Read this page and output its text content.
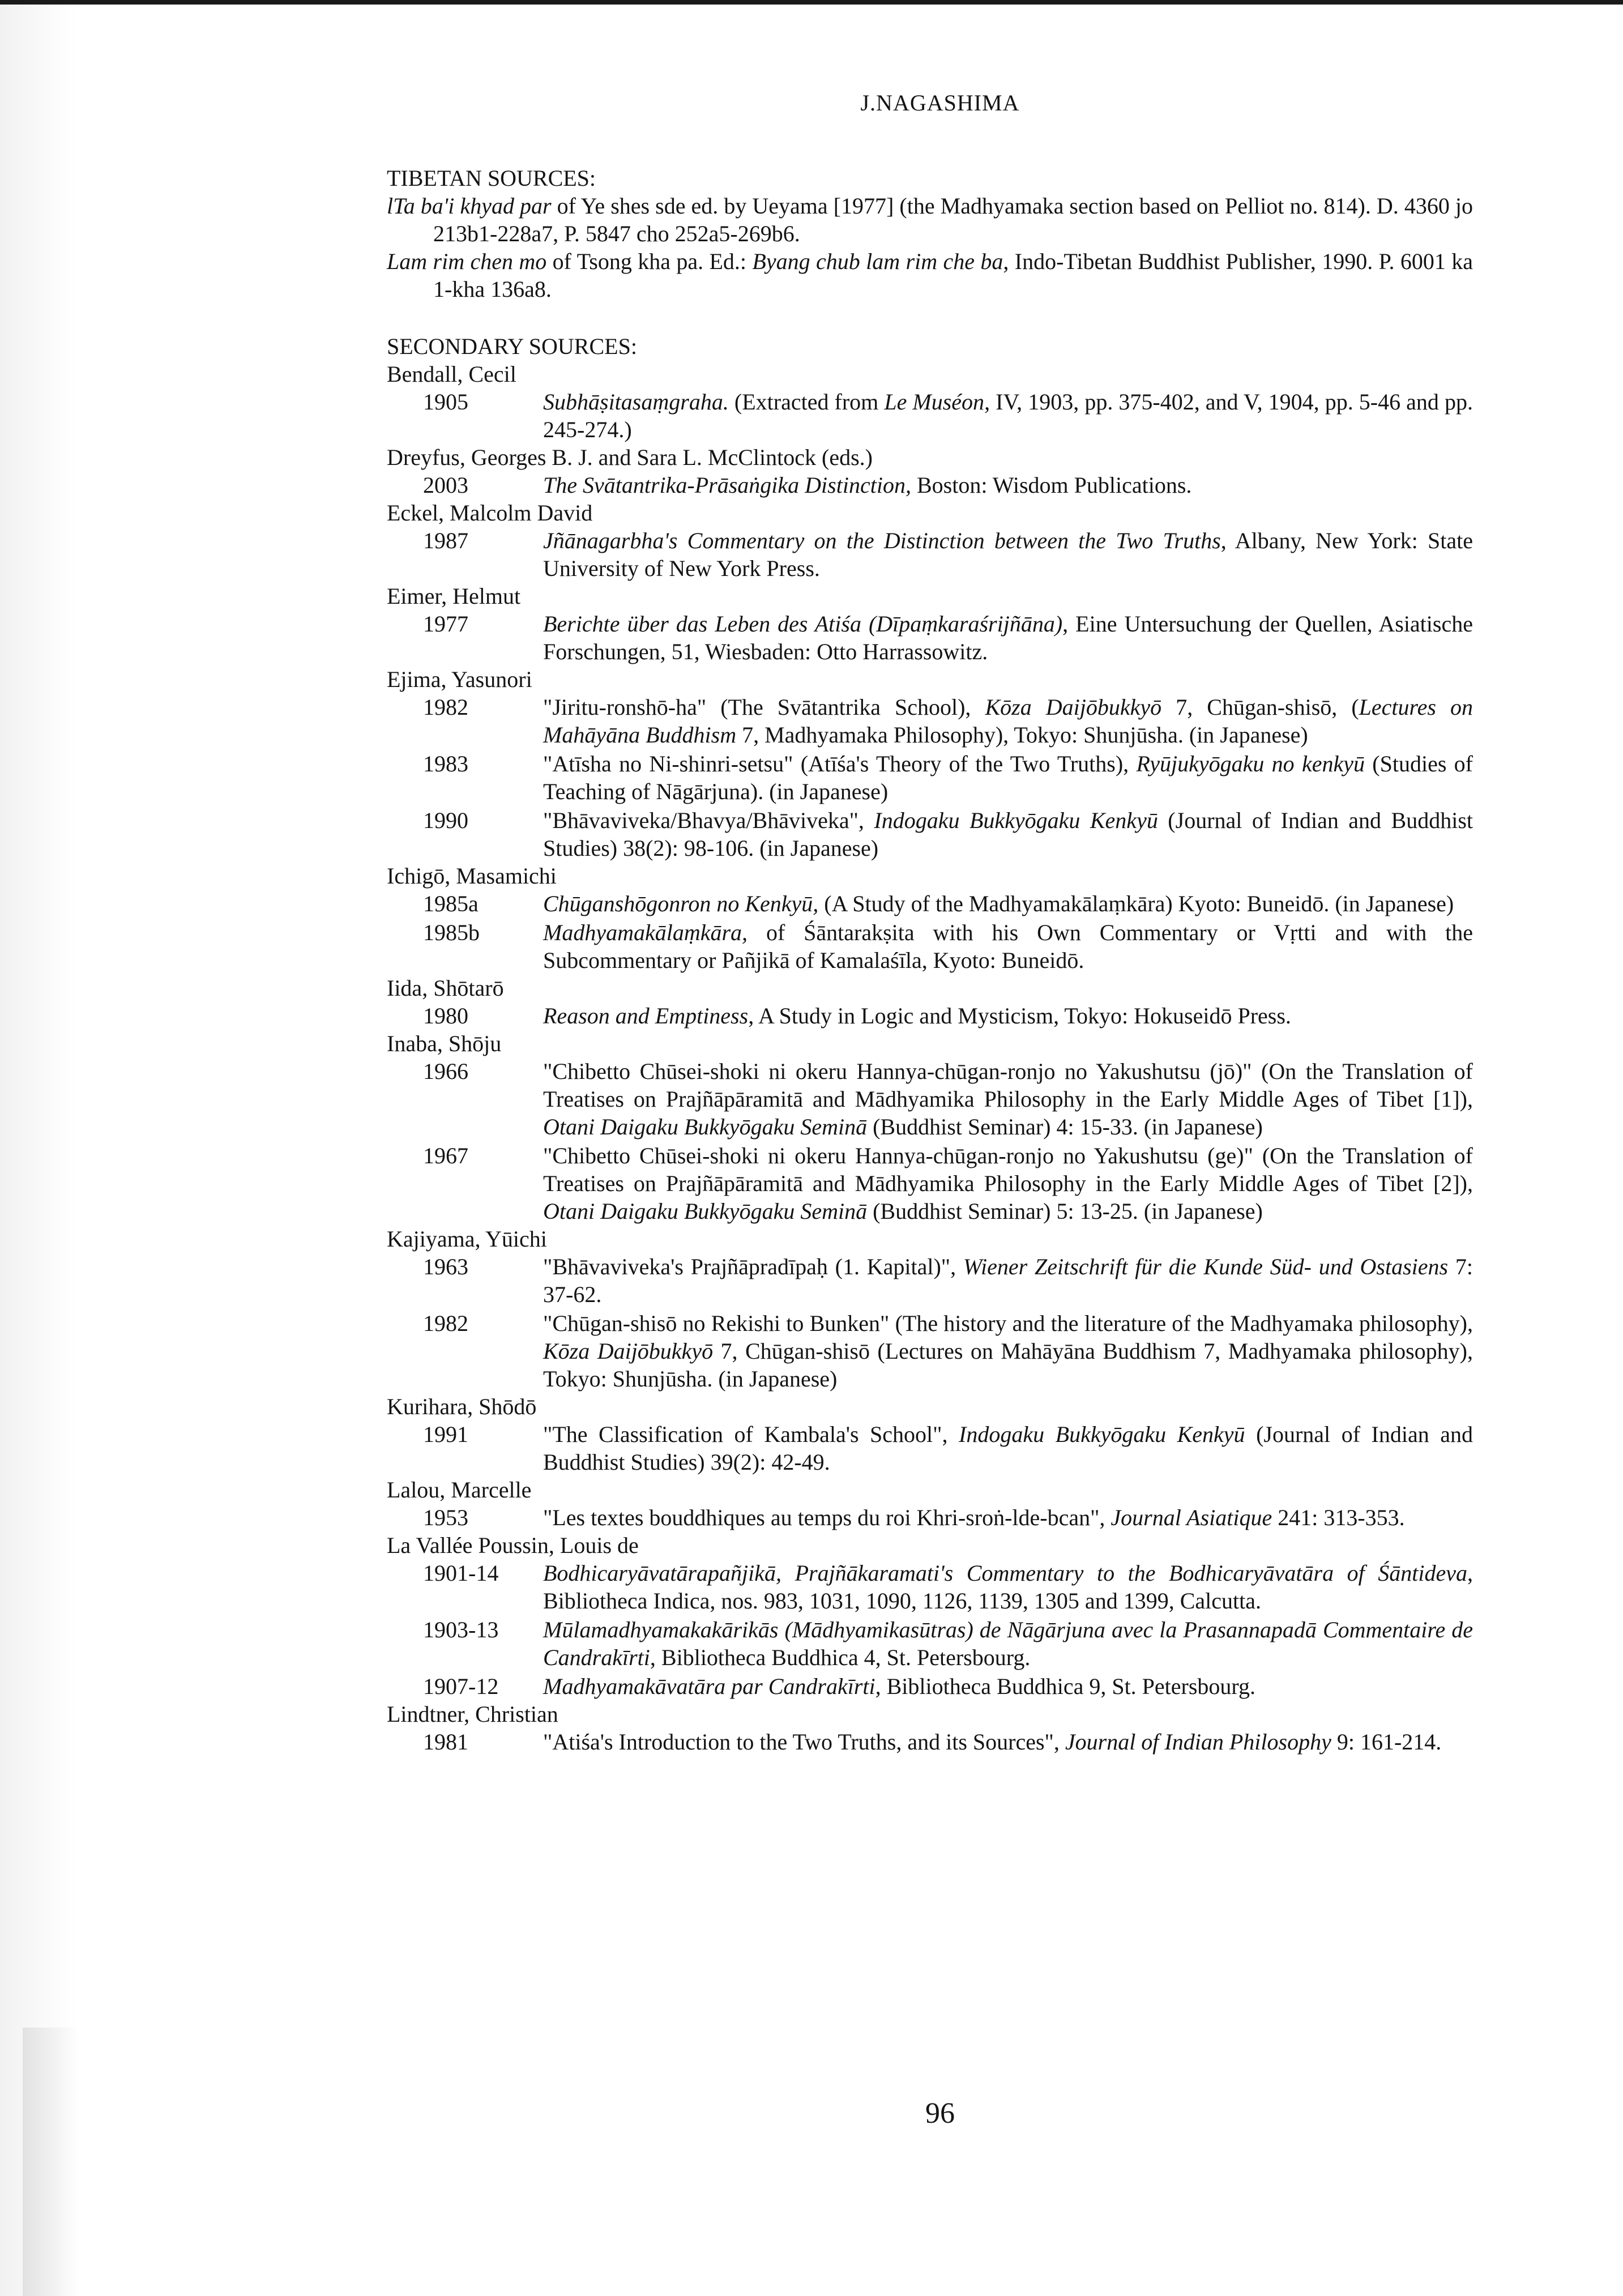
J.NAGASHIMA
TIBETAN SOURCES:
lTa ba'i khyad par of Ye shes sde ed. by Ueyama [1977] (the Madhyamaka section based on Pelliot no. 814). D. 4360 jo 213b1-228a7, P. 5847 cho 252a5-269b6.
Lam rim chen mo of Tsong kha pa. Ed.: Byang chub lam rim che ba, Indo-Tibetan Buddhist Publisher, 1990. P. 6001 ka 1-kha 136a8.
SECONDARY SOURCES:
Bendall, Cecil
1905	Subhāṣitasaṃgraha. (Extracted from Le Muséon, IV, 1903, pp. 375-402, and V, 1904, pp. 5-46 and pp. 245-274.)
Dreyfus, Georges B. J. and Sara L. McClintock (eds.)
2003	The Svātantrika-Prāsaṅgika Distinction, Boston: Wisdom Publications.
Eckel, Malcolm David
1987	Jñānagarbha's Commentary on the Distinction between the Two Truths, Albany, New York: State University of New York Press.
Eimer, Helmut
1977	Berichte über das Leben des Atiśa (Dīpaṃkaraśrijñāna), Eine Untersuchung der Quellen, Asiatische Forschungen, 51, Wiesbaden: Otto Harrassowitz.
Ejima, Yasunori
1982	"Jiritu-ronshō-ha" (The Svātantrika School), Kōza Daijōbukkyō 7, Chūgan-shisō, (Lectures on Mahāyāna Buddhism 7, Madhyamaka Philosophy), Tokyo: Shunjūsha. (in Japanese)
1983	"Atīsha no Ni-shinri-setsu" (Atīśa's Theory of the Two Truths), Ryūjukyōgaku no kenkyū (Studies of Teaching of Nāgārjuna). (in Japanese)
1990	"Bhāvaviveka/Bhavya/Bhāviveka", Indogaku Bukkyōgaku Kenkyū (Journal of Indian and Buddhist Studies) 38(2): 98-106. (in Japanese)
Ichigō, Masamichi
1985a	Chūganshōgonron no Kenkyū, (A Study of the Madhyamakālaṃkāra) Kyoto: Buneidō. (in Japanese)
1985b	Madhyamakālaṃkāra, of Śāntarakṣita with his Own Commentary or Vṛtti and with the Subcommentary or Pañjikā of Kamalaśīla, Kyoto: Buneidō.
Iida, Shōtarō
1980	Reason and Emptiness, A Study in Logic and Mysticism, Tokyo: Hokuseidō Press.
Inaba, Shōju
1966	"Chibetto Chūsei-shoki ni okeru Hannya-chūgan-ronjo no Yakushutsu (jō)" (On the Translation of Treatises on Prajñāpāramitā and Mādhyamika Philosophy in the Early Middle Ages of Tibet [1]), Otani Daigaku Bukkyōgaku Seminā (Buddhist Seminar) 4: 15-33. (in Japanese)
1967	"Chibetto Chūsei-shoki ni okeru Hannya-chūgan-ronjo no Yakushutsu (ge)" (On the Translation of Treatises on Prajñāpāramitā and Mādhyamika Philosophy in the Early Middle Ages of Tibet [2]), Otani Daigaku Bukkyōgaku Seminā (Buddhist Seminar) 5: 13-25. (in Japanese)
Kajiyama, Yūichi
1963	"Bhāvaviveka's Prajñāpradīpaḥ (1. Kapital)", Wiener Zeitschrift für die Kunde Süd- und Ostasiens 7: 37-62.
1982	"Chūgan-shisō no Rekishi to Bunken" (The history and the literature of the Madhyamaka philosophy), Kōza Daijōbukkyō 7, Chūgan-shisō (Lectures on Mahāyāna Buddhism 7, Madhyamaka philosophy), Tokyo: Shunjūsha. (in Japanese)
Kurihara, Shōdō
1991	"The Classification of Kambala's School", Indogaku Bukkyōgaku Kenkyū (Journal of Indian and Buddhist Studies) 39(2): 42-49.
Lalou, Marcelle
1953	"Les textes bouddhiques au temps du roi Khri-sroṅ-lde-bcan", Journal Asiatique 241: 313-353.
La Vallée Poussin, Louis de
1901-14	Bodhicaryāvatārapañjikā, Prajñākaramati's Commentary to the Bodhicaryāvatāra of Śāntideva, Bibliotheca Indica, nos. 983, 1031, 1090, 1126, 1139, 1305 and 1399, Calcutta.
1903-13	Mūlamadhyamakakārikās (Mādhyamikasūtras) de Nāgārjuna avec la Prasannapadā Commentaire de Candrakīrti, Bibliotheca Buddhica 4, St. Petersbourg.
1907-12	Madhyamakāvatāra par Candrakīrti, Bibliotheca Buddhica 9, St. Petersbourg.
Lindtner, Christian
1981	"Atiśa's Introduction to the Two Truths, and its Sources", Journal of Indian Philosophy 9: 161-214.
96
